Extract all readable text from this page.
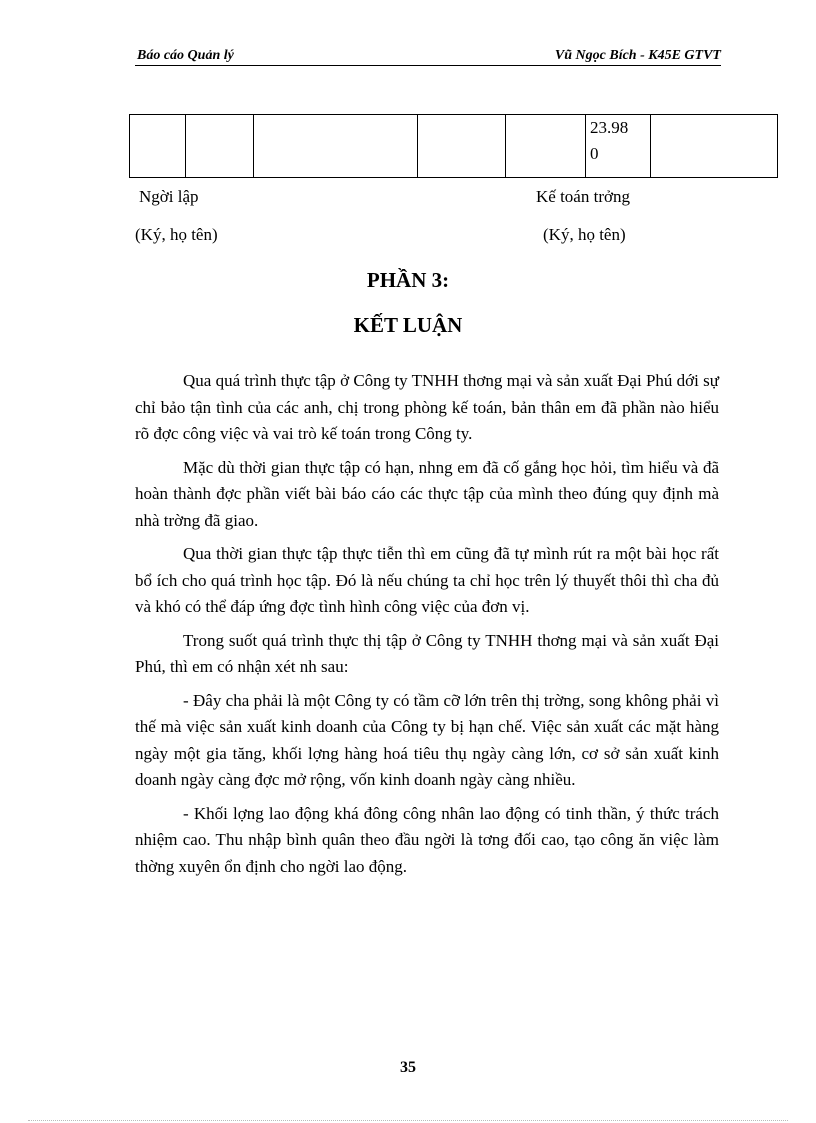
Báo cáo Quản lý	Vũ Ngọc Bích - K45E GTVT
					23.98
0	
Ngời lập
(Ký, họ tên)
Kế toán trởng
(Ký, họ tên)
PHẦN 3:
KẾT LUẬN

Qua quá trình thực tập ở Công ty TNHH thơng mại và sản xuất Đại Phú dới sự chỉ bảo tận tình của các anh, chị trong phòng kế toán, bản thân em đã phần nào hiểu rõ đợc công việc và vai trò kế toán trong Công ty.

Mặc dù thời gian thực tập có hạn, nhng em đã cố gắng học hỏi, tìm hiểu và đã hoàn thành đợc phần viết bài báo cáo các thực tập của mình theo đúng quy định mà nhà trờng đã giao.

Qua thời gian thực tập thực tiễn thì em cũng đã tự mình rút ra một bài học rất bổ ích cho quá trình học tập. Đó là nếu chúng ta chỉ học trên lý thuyết thôi thì cha đủ và khó có thể đáp ứng đợc tình hình công việc của đơn vị.

Trong suốt quá trình thực thị tập ở Công ty TNHH thơng mại và sản xuất Đại Phú, thì em có nhận xét nh sau:

- Đây cha phải là một Công ty có tầm cỡ lớn trên thị trờng, song không phải vì thế mà việc sản xuất kinh doanh của Công ty bị hạn chế. Việc sản xuất các mặt hàng ngày một gia tăng, khối lợng hàng hoá tiêu thụ ngày càng lớn, cơ sở sản xuất kinh doanh ngày càng đợc mở rộng, vốn kinh doanh ngày càng nhiều.

- Khối lợng lao động khá đông công nhân lao động có tinh thần, ý thức trách nhiệm cao. Thu nhập bình quân theo đầu ngời là tơng đối cao, tạo công ăn việc làm thờng xuyên ổn định cho ngời lao động.

35
